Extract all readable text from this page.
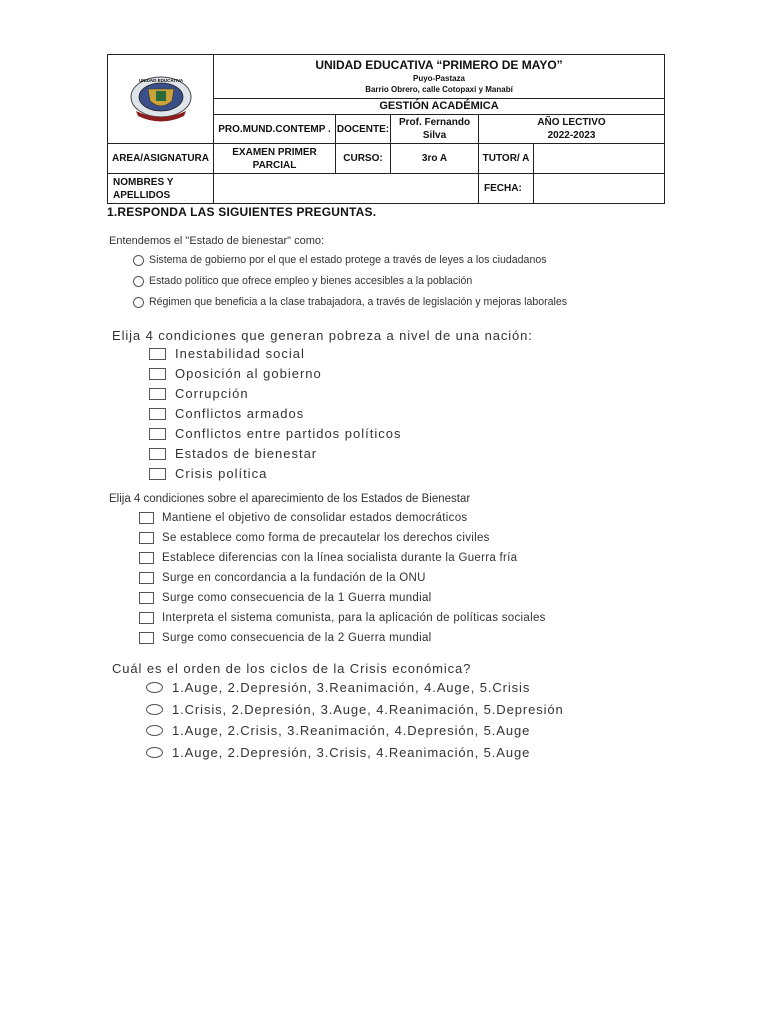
UNIDAD EDUCATIVA	UNIDAD EDUCATIVA “PRIMERO DE MAYO”
Puyo-Pastaza
Barrio Obrero, calle Cotopaxi y Manabí				

	GESTIÓN ACADÉMICA				
	PRO.MUND.CONTEMP .	DOCENTE:	Prof. Fernando Silva	AÑO LECTIVO
2022-2023	

AREA/ASIGNATURA	EXAMEN PRIMER PARCIAL	CURSO:	3ro A	TUTOR/ A	
NOMBRES Y APELLIDOS				FECHA:	
1.RESPONDA LAS SIGUIENTES PREGUNTAS.
Entendemos el "Estado de bienestar" como:
Sistema de gobierno por el que el estado protege a través de leyes a los ciudadanos
Estado político que ofrece empleo y bienes accesibles a la población
Régimen que beneficia a la clase trabajadora, a través de legislación y mejoras laborales
Elija 4 condiciones que generan pobreza a nivel de una nación:
Inestabilidad social
Oposición al gobierno
Corrupción
Conflictos armados
Conflictos entre partidos políticos
Estados de bienestar
Crisis política
Elija 4 condiciones sobre el aparecimiento de los Estados de Bienestar
Mantiene el objetivo de consolidar estados democráticos
Se establece como forma de precautelar los derechos civiles
Establece diferencias con la línea socialista durante la Guerra fría
Surge en concordancia a la fundación de la ONU
Surge como consecuencia de la 1 Guerra mundial
Interpreta el sistema comunista, para la aplicación de políticas sociales
Surge como consecuencia de la 2 Guerra mundial
Cuál es el orden de los ciclos de la Crisis económica?
1.Auge, 2.Depresión, 3.Reanimación, 4.Auge, 5.Crisis
1.Crisis, 2.Depresión, 3.Auge, 4.Reanimación, 5.Depresión
1.Auge, 2.Crisis, 3.Reanimación, 4.Depresión, 5.Auge
1.Auge, 2.Depresión, 3.Crisis, 4.Reanimación, 5.Auge
